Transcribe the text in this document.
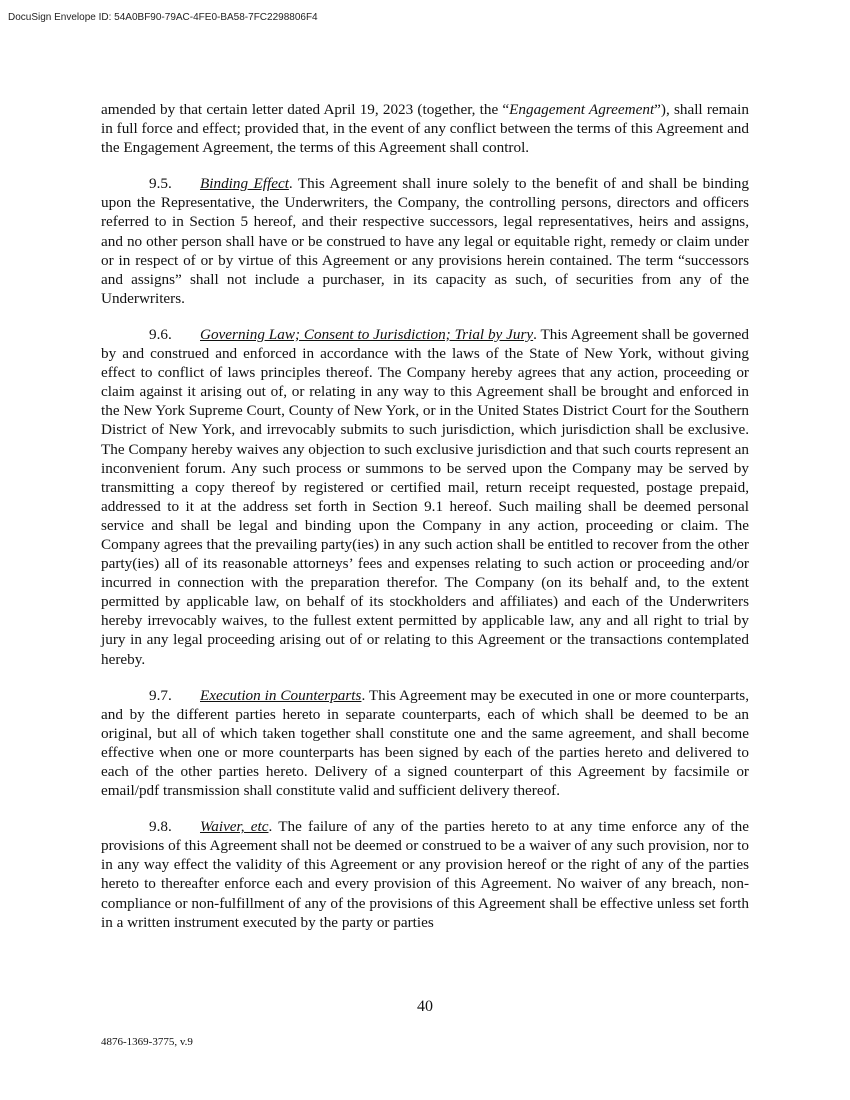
DocuSign Envelope ID: 54A0BF90-79AC-4FE0-BA58-7FC2298806F4

amended by that certain letter dated April 19, 2023 (together, the “Engagement Agreement”), shall remain in full force and effect; provided that, in the event of any conflict between the terms of this Agreement and the Engagement Agreement, the terms of this Agreement shall control.

9.5. Binding Effect. This Agreement shall inure solely to the benefit of and shall be binding upon the Representative, the Underwriters, the Company, the controlling persons, directors and officers referred to in Section 5 hereof, and their respective successors, legal representatives, heirs and assigns, and no other person shall have or be construed to have any legal or equitable right, remedy or claim under or in respect of or by virtue of this Agreement or any provisions herein contained. The term “successors and assigns” shall not include a purchaser, in its capacity as such, of securities from any of the Underwriters.

9.6. Governing Law; Consent to Jurisdiction; Trial by Jury. This Agreement shall be governed by and construed and enforced in accordance with the laws of the State of New York, without giving effect to conflict of laws principles thereof. The Company hereby agrees that any action, proceeding or claim against it arising out of, or relating in any way to this Agreement shall be brought and enforced in the New York Supreme Court, County of New York, or in the United States District Court for the Southern District of New York, and irrevocably submits to such jurisdiction, which jurisdiction shall be exclusive. The Company hereby waives any objection to such exclusive jurisdiction and that such courts represent an inconvenient forum. Any such process or summons to be served upon the Company may be served by transmitting a copy thereof by registered or certified mail, return receipt requested, postage prepaid, addressed to it at the address set forth in Section 9.1 hereof. Such mailing shall be deemed personal service and shall be legal and binding upon the Company in any action, proceeding or claim. The Company agrees that the prevailing party(ies) in any such action shall be entitled to recover from the other party(ies) all of its reasonable attorneys’ fees and expenses relating to such action or proceeding and/or incurred in connection with the preparation therefor. The Company (on its behalf and, to the extent permitted by applicable law, on behalf of its stockholders and affiliates) and each of the Underwriters hereby irrevocably waives, to the fullest extent permitted by applicable law, any and all right to trial by jury in any legal proceeding arising out of or relating to this Agreement or the transactions contemplated hereby.

9.7. Execution in Counterparts. This Agreement may be executed in one or more counterparts, and by the different parties hereto in separate counterparts, each of which shall be deemed to be an original, but all of which taken together shall constitute one and the same agreement, and shall become effective when one or more counterparts has been signed by each of the parties hereto and delivered to each of the other parties hereto. Delivery of a signed counterpart of this Agreement by facsimile or email/pdf transmission shall constitute valid and sufficient delivery thereof.

9.8. Waiver, etc. The failure of any of the parties hereto to at any time enforce any of the provisions of this Agreement shall not be deemed or construed to be a waiver of any such provision, nor to in any way effect the validity of this Agreement or any provision hereof or the right of any of the parties hereto to thereafter enforce each and every provision of this Agreement. No waiver of any breach, non-compliance or non-fulfillment of any of the provisions of this Agreement shall be effective unless set forth in a written instrument executed by the party or parties

40
4876-1369-3775, v.9
